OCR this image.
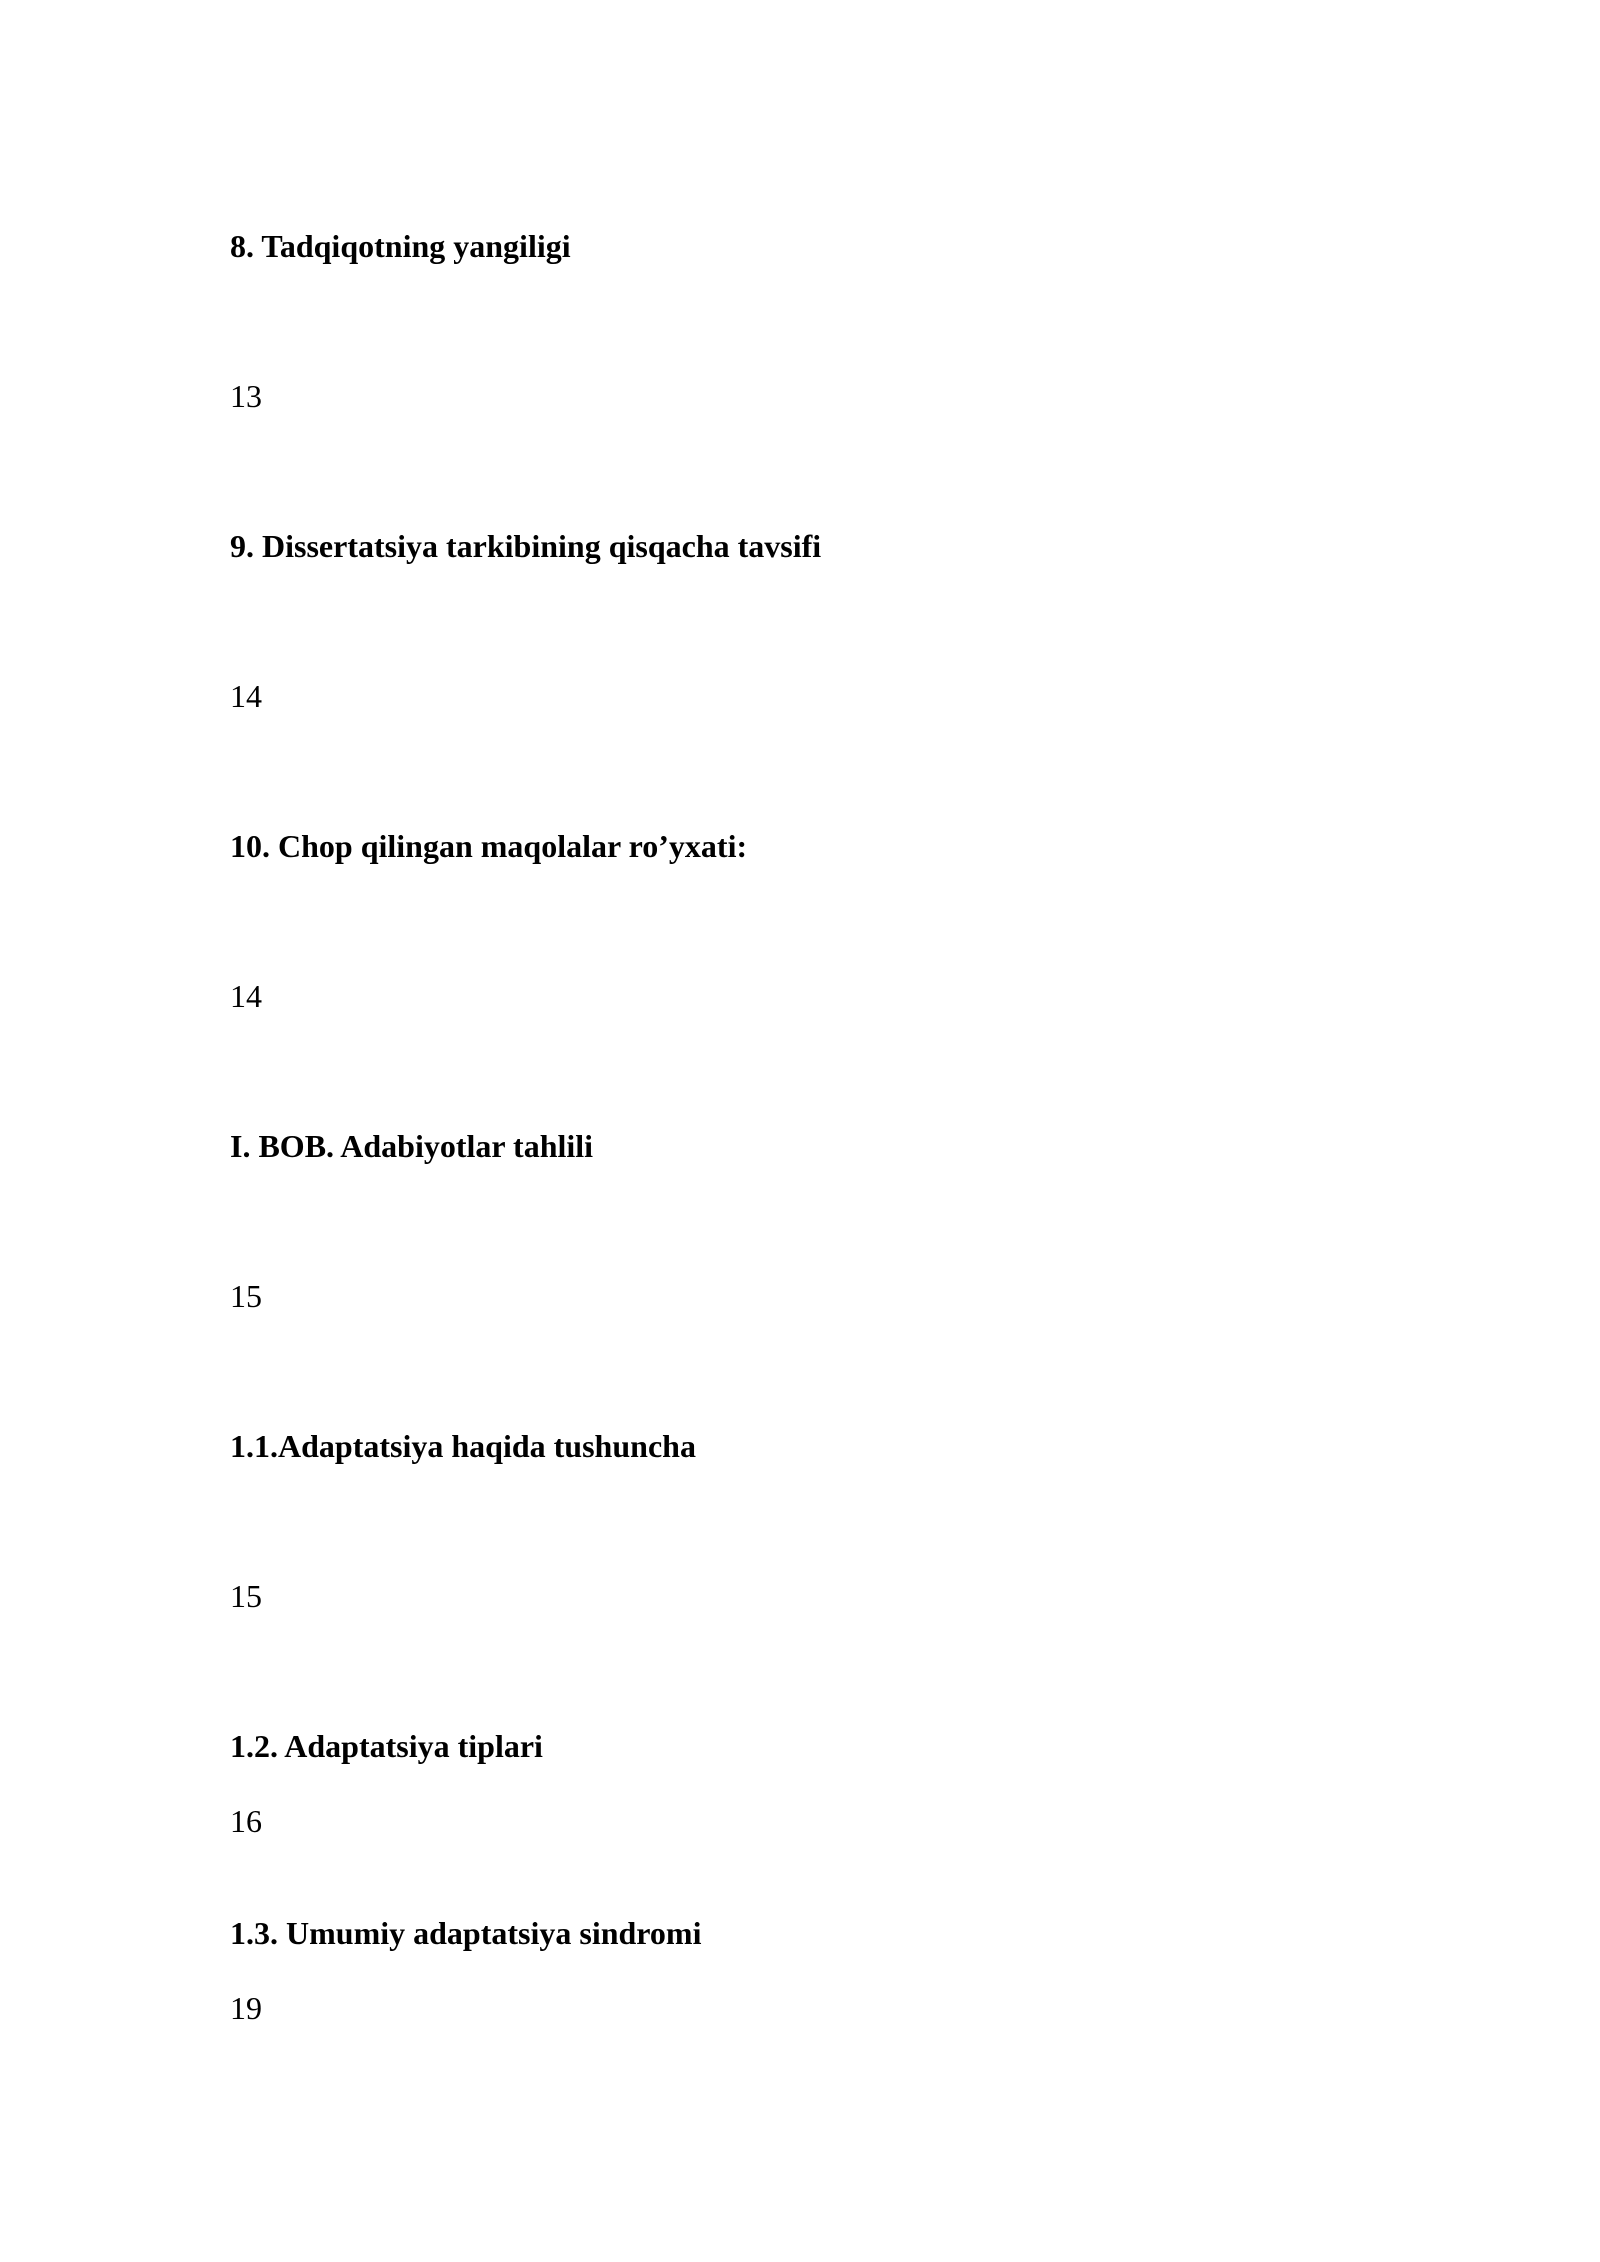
8. Tadqiqotning yangiligi
13
9. Dissertatsiya tarkibining qisqacha tavsifi
14
10. Chop qilingan maqolalar ro’yxati:
14
I. BOB. Adabiyotlar tahlili
15
1.1.Adaptatsiya haqida tushuncha
15
1.2. Adaptatsiya tiplari
16
1.3. Umumiy adaptatsiya sindromi
19
